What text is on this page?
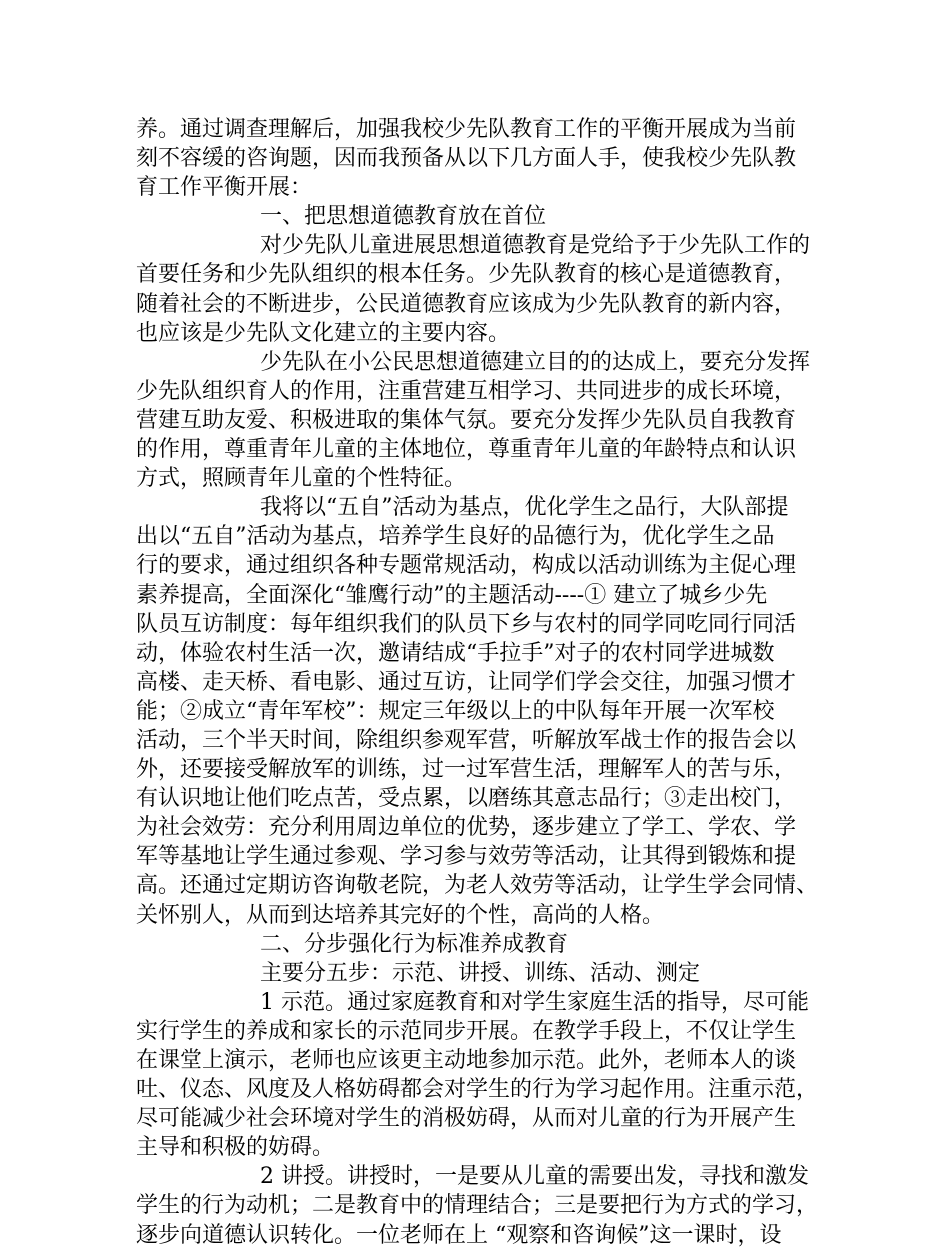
养。通过调查理解后，加强我校少先队教育工作的平衡开展成为当前
刻不容缓的咨询题，因而我预备从以下几方面人手，使我校少先队教
育工作平衡开展：
一、把思想道德教育放在首位
对少先队儿童进展思想道德教育是党给予于少先队工作的
首要任务和少先队组织的根本任务。少先队教育的核心是道德教育，
随着社会的不断进步，公民道德教育应该成为少先队教育的新内容，
也应该是少先队文化建立的主要内容。
少先队在小公民思想道德建立目的的达成上，要充分发挥
少先队组织育人的作用，注重营建互相学习、共同进步的成长环境，
营建互助友爱、积极进取的集体气氛。要充分发挥少先队员自我教育
的作用，尊重青年儿童的主体地位，尊重青年儿童的年龄特点和认识
方式，照顾青年儿童的个性特征。
我将以“五自”活动为基点，优化学生之品行，大队部提
出以“五自”活动为基点，培养学生良好的品德行为，优化学生之品
行的要求，通过组织各种专题常规活动，构成以活动训练为主促心理
素养提高，全面深化“雏鹰行动”的主题活动----① 建立了城乡少先
队员互访制度：每年组织我们的队员下乡与农村的同学同吃同行同活
动，体验农村生活一次，邀请结成“手拉手”对子的农村同学进城数
高楼、走天桥、看电影、通过互访，让同学们学会交往，加强习惯才
能；②成立“青年军校”：规定三年级以上的中队每年开展一次军校
活动，三个半天时间，除组织参观军营，听解放军战士作的报告会以
外，还要接受解放军的训练，过一过军营生活，理解军人的苦与乐，
有认识地让他们吃点苦，受点累，以磨练其意志品行；③走出校门，
为社会效劳：充分利用周边单位的优势，逐步建立了学工、学农、学
军等基地让学生通过参观、学习参与效劳等活动，让其得到锻炼和提
高。还通过定期访咨询敬老院，为老人效劳等活动，让学生学会同情、
关怀别人，从而到达培养其完好的个性，高尚的人格。
二、分步强化行为标准养成教育
主要分五步：示范、讲授、训练、活动、测定
1 示范。通过家庭教育和对学生家庭生活的指导，尽可能
实行学生的养成和家长的示范同步开展。在教学手段上，不仅让学生
在课堂上演示，老师也应该更主动地参加示范。此外，老师本人的谈
吐、仪态、风度及人格妨碍都会对学生的行为学习起作用。注重示范，
尽可能减少社会环境对学生的消极妨碍，从而对儿童的行为开展产生
主导和积极的妨碍。
2 讲授。讲授时，一是要从儿童的需要出发，寻找和激发
学生的行为动机；二是教育中的情理结合；三是要把行为方式的学习，
逐步向道德认识转化。一位老师在上 “观察和咨询候”这一课时，设
